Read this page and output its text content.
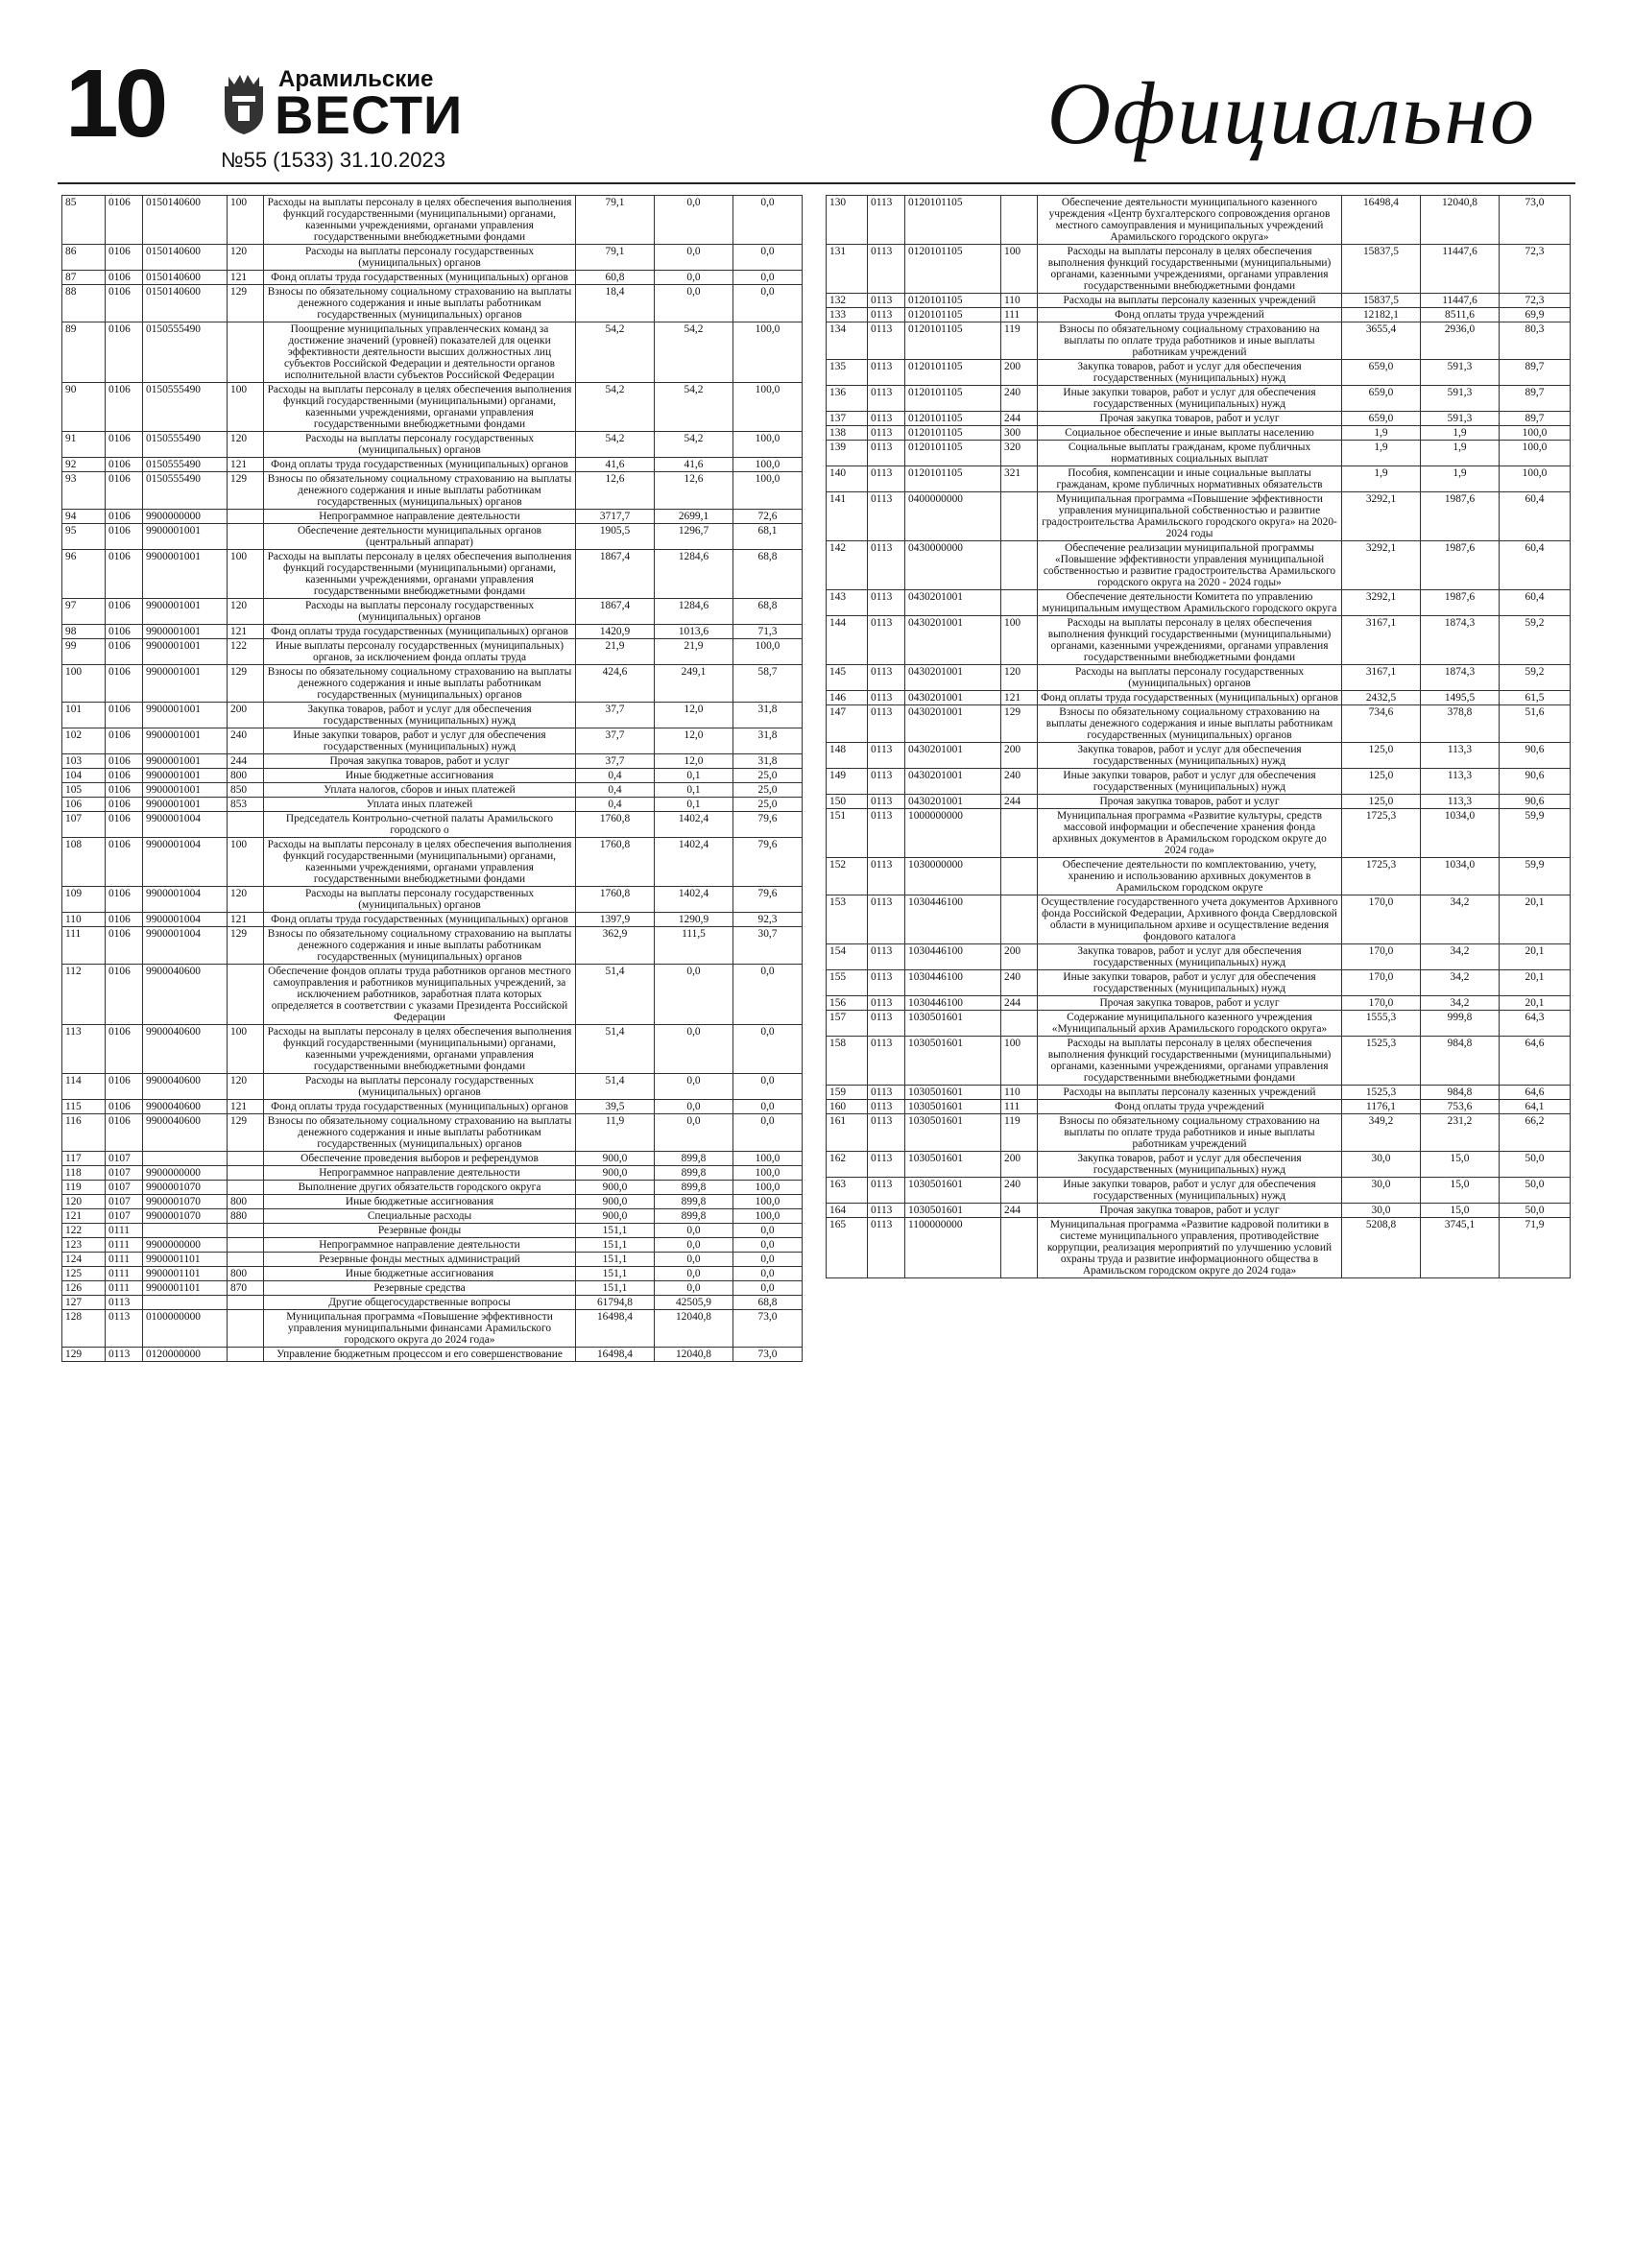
10	Арамильские
ВЕСТИ
№55 (1533) 31.10.2023	Официально
85	0106	0150140600	100	Расходы на выплаты персоналу в целях обеспечения выполнения функций государственными (муниципальными) органами, казенными учреждениями, органами управления государственными внебюджетными фондами	79,1	0,0	0,0
86	0106	0150140600	120	Расходы на выплаты персоналу государственных (муниципальных) органов	79,1	0,0	0,0
87	0106	0150140600	121	Фонд оплаты труда государственных (муниципальных) органов	60,8	0,0	0,0
88	0106	0150140600	129	Взносы по обязательному социальному страхованию на выплаты денежного содержания и иные выплаты работникам государственных (муниципальных) органов	18,4	0,0	0,0
89	0106	0150555490		Поощрение муниципальных управленческих команд за достижение значений (уровней) показателей для оценки эффективности деятельности высших должностных лиц субъектов Российской Федерации и деятельности органов исполнительной власти субъектов Российской Федерации	54,2	54,2	100,0
90	0106	0150555490	100	Расходы на выплаты персоналу в целях обеспечения выполнения функций государственными (муниципальными) органами, казенными учреждениями, органами управления государственными внебюджетными фондами	54,2	54,2	100,0
91	0106	0150555490	120	Расходы на выплаты персоналу государственных (муниципальных) органов	54,2	54,2	100,0
92	0106	0150555490	121	Фонд оплаты труда государственных (муниципальных) органов	41,6	41,6	100,0
93	0106	0150555490	129	Взносы по обязательному социальному страхованию на выплаты денежного содержания и иные выплаты работникам государственных (муниципальных) органов	12,6	12,6	100,0
94	0106	9900000000		Непрограммное направление деятельности	3717,7	2699,1	72,6
95	0106	9900001001		Обеспечение деятельности муниципальных органов (центральный аппарат)	1905,5	1296,7	68,1
96	0106	9900001001	100	Расходы на выплаты персоналу в целях обеспечения выполнения функций государственными (муниципальными) органами, казенными учреждениями, органами управления государственными внебюджетными фондами	1867,4	1284,6	68,8
97	0106	9900001001	120	Расходы на выплаты персоналу государственных (муниципальных) органов	1867,4	1284,6	68,8
98	0106	9900001001	121	Фонд оплаты труда государственных (муниципальных) органов	1420,9	1013,6	71,3
99	0106	9900001001	122	Иные выплаты персоналу государственных (муниципальных) органов, за исключением фонда оплаты труда	21,9	21,9	100,0
100	0106	9900001001	129	Взносы по обязательному социальному страхованию на выплаты денежного содержания и иные выплаты работникам государственных (муниципальных) органов	424,6	249,1	58,7
101	0106	9900001001	200	Закупка товаров, работ и услуг для обеспечения государственных (муниципальных) нужд	37,7	12,0	31,8
102	0106	9900001001	240	Иные закупки товаров, работ и услуг для обеспечения государственных (муниципальных) нужд	37,7	12,0	31,8
103	0106	9900001001	244	Прочая закупка товаров, работ и услуг	37,7	12,0	31,8
104	0106	9900001001	800	Иные бюджетные ассигнования	0,4	0,1	25,0
105	0106	9900001001	850	Уплата налогов, сборов и иных платежей	0,4	0,1	25,0
106	0106	9900001001	853	Уплата иных платежей	0,4	0,1	25,0
107	0106	9900001004		Председатель Контрольно-счетной палаты Арамильского городского о	1760,8	1402,4	79,6
108	0106	9900001004	100	Расходы на выплаты персоналу в целях обеспечения выполнения функций государственными (муниципальными) органами, казенными учреждениями, органами управления государственными внебюджетными фондами	1760,8	1402,4	79,6
109	0106	9900001004	120	Расходы на выплаты персоналу государственных (муниципальных) органов	1760,8	1402,4	79,6
110	0106	9900001004	121	Фонд оплаты труда государственных (муниципальных) органов	1397,9	1290,9	92,3
111	0106	9900001004	129	Взносы по обязательному социальному страхованию на выплаты денежного содержания и иные выплаты работникам государственных (муниципальных) органов	362,9	111,5	30,7
112	0106	9900040600		Обеспечение фондов оплаты труда работников органов местного самоуправления и работников муниципальных учреждений, за исключением работников, заработная плата которых определяется в соответствии с указами Президента Российской Федерации	51,4	0,0	0,0
113	0106	9900040600	100	Расходы на выплаты персоналу в целях обеспечения выполнения функций государственными (муниципальными) органами, казенными учреждениями, органами управления государственными внебюджетными фондами	51,4	0,0	0,0
114	0106	9900040600	120	Расходы на выплаты персоналу государственных (муниципальных) органов	51,4	0,0	0,0
115	0106	9900040600	121	Фонд оплаты труда государственных (муниципальных) органов	39,5	0,0	0,0
116	0106	9900040600	129	Взносы по обязательному социальному страхованию на выплаты денежного содержания и иные выплаты работникам государственных (муниципальных) органов	11,9	0,0	0,0
117	0107			Обеспечение проведения выборов и референдумов	900,0	899,8	100,0
118	0107	9900000000		Непрограммное направление деятельности	900,0	899,8	100,0
119	0107	9900001070		Выполнение других обязательств городского округа	900,0	899,8	100,0
120	0107	9900001070	800	Иные бюджетные ассигнования	900,0	899,8	100,0
121	0107	9900001070	880	Специальные расходы	900,0	899,8	100,0
122	0111			Резервные фонды	151,1	0,0	0,0
123	0111	9900000000		Непрограммное направление деятельности	151,1	0,0	0,0
124	0111	9900001101		Резервные фонды местных администраций	151,1	0,0	0,0
125	0111	9900001101	800	Иные бюджетные ассигнования	151,1	0,0	0,0
126	0111	9900001101	870	Резервные средства	151,1	0,0	0,0
127	0113			Другие общегосударственные вопросы	61794,8	42505,9	68,8
128	0113	0100000000		Муниципальная программа «Повышение эффективности управления муниципальными финансами Арамильского городского округа до 2024 года»	16498,4	12040,8	73,0
129	0113	0120000000		Управление бюджетным процессом и его совершенствование	16498,4	12040,8	73,0
130	0113	0120101105		Обеспечение деятельности муниципального казенного учреждения «Центр бухгалтерского сопровождения органов местного самоуправления и муниципальных учреждений Арамильского городского округа»	16498,4	12040,8	73,0
131	0113	0120101105	100	Расходы на выплаты персоналу в целях обеспечения выполнения функций государственными (муниципальными) органами, казенными учреждениями, органами управления государственными внебюджетными фондами	15837,5	11447,6	72,3
132	0113	0120101105	110	Расходы на выплаты персоналу казенных учреждений	15837,5	11447,6	72,3
133	0113	0120101105	111	Фонд оплаты труда учреждений	12182,1	8511,6	69,9
134	0113	0120101105	119	Взносы по обязательному социальному страхованию на выплаты по оплате труда работников и иные выплаты работникам учреждений	3655,4	2936,0	80,3
135	0113	0120101105	200	Закупка товаров, работ и услуг для обеспечения государственных (муниципальных) нужд	659,0	591,3	89,7
136	0113	0120101105	240	Иные закупки товаров, работ и услуг для обеспечения государственных (муниципальных) нужд	659,0	591,3	89,7
137	0113	0120101105	244	Прочая закупка товаров, работ и услуг	659,0	591,3	89,7
138	0113	0120101105	300	Социальное обеспечение и иные выплаты населению	1,9	1,9	100,0
139	0113	0120101105	320	Социальные выплаты гражданам, кроме публичных нормативных социальных выплат	1,9	1,9	100,0
140	0113	0120101105	321	Пособия, компенсации и иные социальные выплаты гражданам, кроме публичных нормативных обязательств	1,9	1,9	100,0
141	0113	0400000000		Муниципальная программа «Повышение эффективности управления муниципальной собственностью и развитие градостроительства Арамильского городского округа» на 2020-2024 годы	3292,1	1987,6	60,4
142	0113	0430000000		Обеспечение реализации муниципальной программы «Повышение эффективности управления муниципальной собственностью и развитие градостроительства Арамильского городского округа на 2020 - 2024 годы»	3292,1	1987,6	60,4
143	0113	0430201001		Обеспечение деятельности Комитета по управлению муниципальным имуществом Арамильского городского округа	3292,1	1987,6	60,4
144	0113	0430201001	100	Расходы на выплаты персоналу в целях обеспечения выполнения функций государственными (муниципальными) органами, казенными учреждениями, органами управления государственными внебюджетными фондами	3167,1	1874,3	59,2
145	0113	0430201001	120	Расходы на выплаты персоналу государственных (муниципальных) органов	3167,1	1874,3	59,2
146	0113	0430201001	121	Фонд оплаты труда государственных (муниципальных) органов	2432,5	1495,5	61,5
147	0113	0430201001	129	Взносы по обязательному социальному страхованию на выплаты денежного содержания и иные выплаты работникам государственных (муниципальных) органов	734,6	378,8	51,6
148	0113	0430201001	200	Закупка товаров, работ и услуг для обеспечения государственных (муниципальных) нужд	125,0	113,3	90,6
149	0113	0430201001	240	Иные закупки товаров, работ и услуг для обеспечения государственных (муниципальных) нужд	125,0	113,3	90,6
150	0113	0430201001	244	Прочая закупка товаров, работ и услуг	125,0	113,3	90,6
151	0113	1000000000		Муниципальная программа «Развитие культуры, средств массовой информации и обеспечение хранения фонда архивных документов в Арамильском городском округе до 2024 года»	1725,3	1034,0	59,9
152	0113	1030000000		Обеспечение деятельности по комплектованию, учету, хранению и использованию архивных документов в Арамильском городском округе	1725,3	1034,0	59,9
153	0113	1030446100		Осуществление государственного учета документов Архивного фонда Российской Федерации, Архивного фонда Свердловской области в муниципальном архиве и осуществление ведения фондового каталога	170,0	34,2	20,1
154	0113	1030446100	200	Закупка товаров, работ и услуг для обеспечения государственных (муниципальных) нужд	170,0	34,2	20,1
155	0113	1030446100	240	Иные закупки товаров, работ и услуг для обеспечения государственных (муниципальных) нужд	170,0	34,2	20,1
156	0113	1030446100	244	Прочая закупка товаров, работ и услуг	170,0	34,2	20,1
157	0113	1030501601		Содержание муниципального казенного учреждения «Муниципальный архив Арамильского городского округа»	1555,3	999,8	64,3
158	0113	1030501601	100	Расходы на выплаты персоналу в целях обеспечения выполнения функций государственными (муниципальными) органами, казенными учреждениями, органами управления государственными внебюджетными фондами	1525,3	984,8	64,6
159	0113	1030501601	110	Расходы на выплаты персоналу казенных учреждений	1525,3	984,8	64,6
160	0113	1030501601	111	Фонд оплаты труда учреждений	1176,1	753,6	64,1
161	0113	1030501601	119	Взносы по обязательному социальному страхованию на выплаты по оплате труда работников и иные выплаты работникам учреждений	349,2	231,2	66,2
162	0113	1030501601	200	Закупка товаров, работ и услуг для обеспечения государственных (муниципальных) нужд	30,0	15,0	50,0
163	0113	1030501601	240	Иные закупки товаров, работ и услуг для обеспечения государственных (муниципальных) нужд	30,0	15,0	50,0
164	0113	1030501601	244	Прочая закупка товаров, работ и услуг	30,0	15,0	50,0
165	0113	1100000000		Муниципальная программа «Развитие кадровой политики в системе муниципального управления, противодействие коррупции, реализация мероприятий по улучшению условий охраны труда и развитие информационного общества в Арамильском городском округе до 2024 года»	5208,8	3745,1	71,9
